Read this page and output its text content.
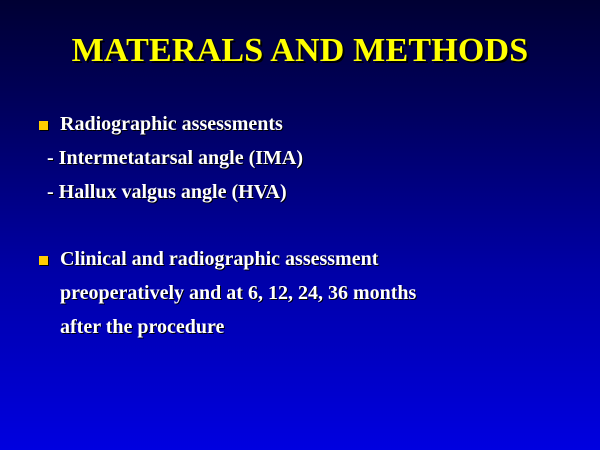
MATERALS AND METHODS
Radiographic assessments
- Intermetatarsal angle (IMA)
- Hallux valgus angle (HVA)
Clinical and radiographic assessment
preoperatively and at 6, 12, 24, 36 months
after the procedure
